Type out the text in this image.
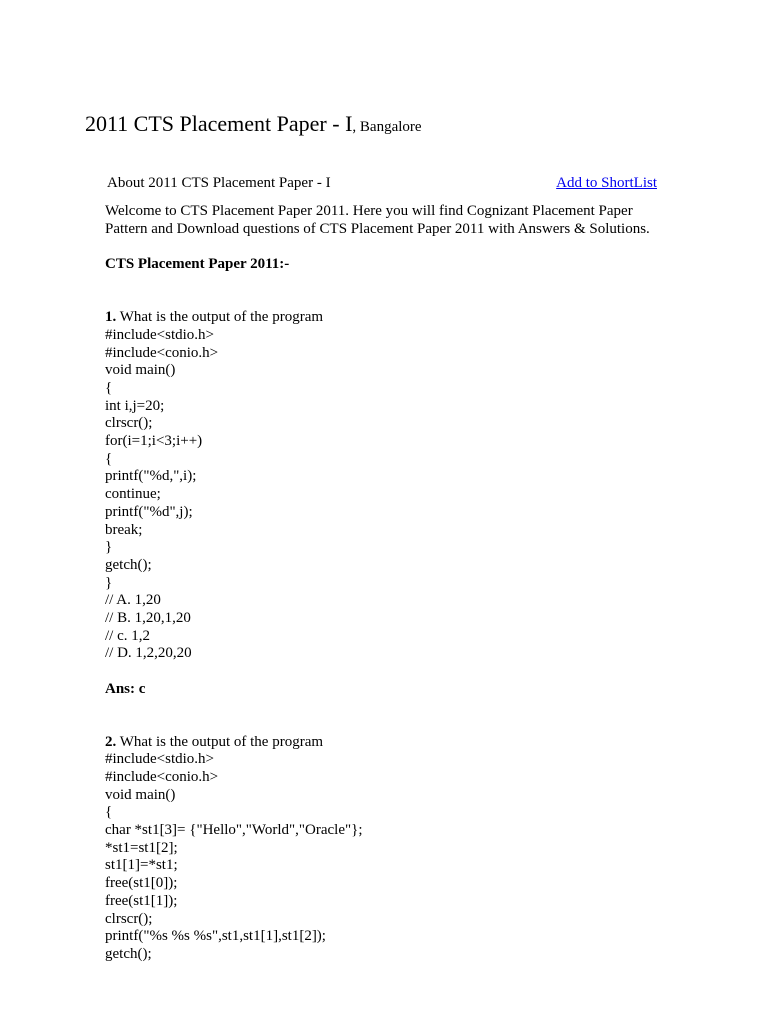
2011 CTS Placement Paper - I, Bangalore
About 2011 CTS Placement Paper - I	Add to ShortList

Welcome to CTS Placement Paper 2011. Here you will find Cognizant Placement Paper Pattern and Download questions of CTS Placement Paper 2011 with Answers & Solutions.

CTS Placement Paper 2011:-

1. What is the output of the program
#include<stdio.h>
#include<conio.h>
void main()
{
int i,j=20;
clrscr();
for(i=1;i<3;i++)
{
printf("%d,",i);
continue;
printf("%d",j);
break;
}
getch();
}
// A. 1,20
// B. 1,20,1,20
// c. 1,2
// D. 1,2,20,20

Ans: c

2. What is the output of the program
#include<stdio.h>
#include<conio.h>
void main()
{
char *st1[3]= {"Hello","World","Oracle"};
*st1=st1[2];
st1[1]=*st1;
free(st1[0]);
free(st1[1]);
clrscr();
printf("%s %s %s",st1,st1[1],st1[2]);
getch();
